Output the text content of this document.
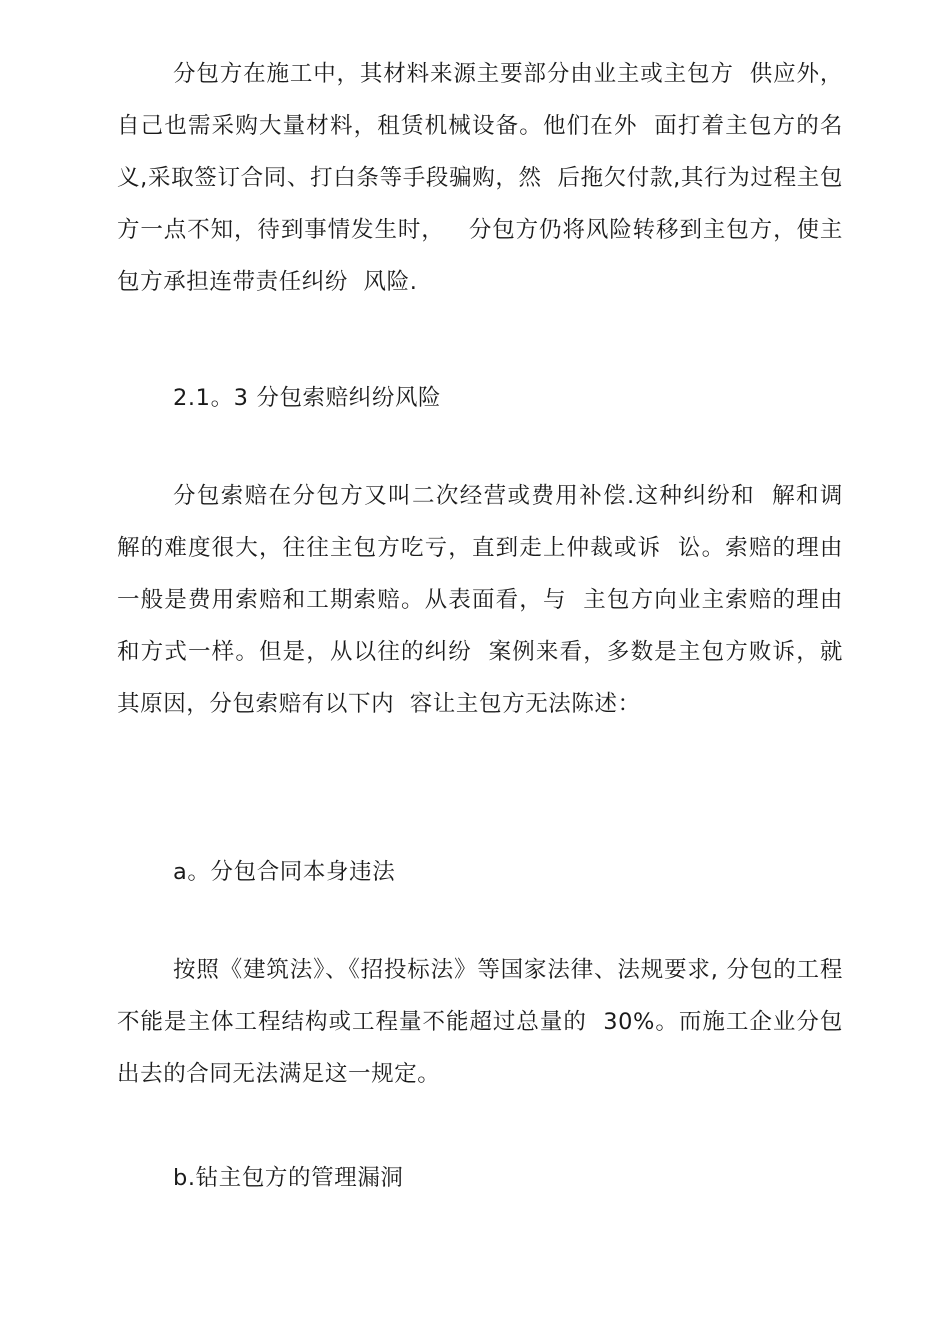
分包方在施工中，其材料来源主要部分由业主或主包方  供应外，自己也需采购大量材料，租赁机械设备。他们在外  面打着主包方的名义,采取签订合同、打白条等手段骗购，然  后拖欠付款,其行为过程主包方一点不知，待到事情发生时，   分包方仍将风险转移到主包方，使主包方承担连带责任纠纷  风险.

2.1。3 分包索赔纠纷风险

分包索赔在分包方又叫二次经营或费用补偿.这种纠纷和  解和调解的难度很大，往往主包方吃亏，直到走上仲裁或诉  讼。索赔的理由一般是费用索赔和工期索赔。从表面看，与  主包方向业主索赔的理由和方式一样。但是，从以往的纠纷  案例来看，多数是主包方败诉，就其原因，分包索赔有以下内  容让主包方无法陈述：

a。分包合同本身违法

按照《建筑法》、《招投标法》等国家法律、法规要求, 分包的工程不能是主体工程结构或工程量不能超过总量的  30%。而施工企业分包出去的合同无法满足这一规定。

b.钻主包方的管理漏洞
